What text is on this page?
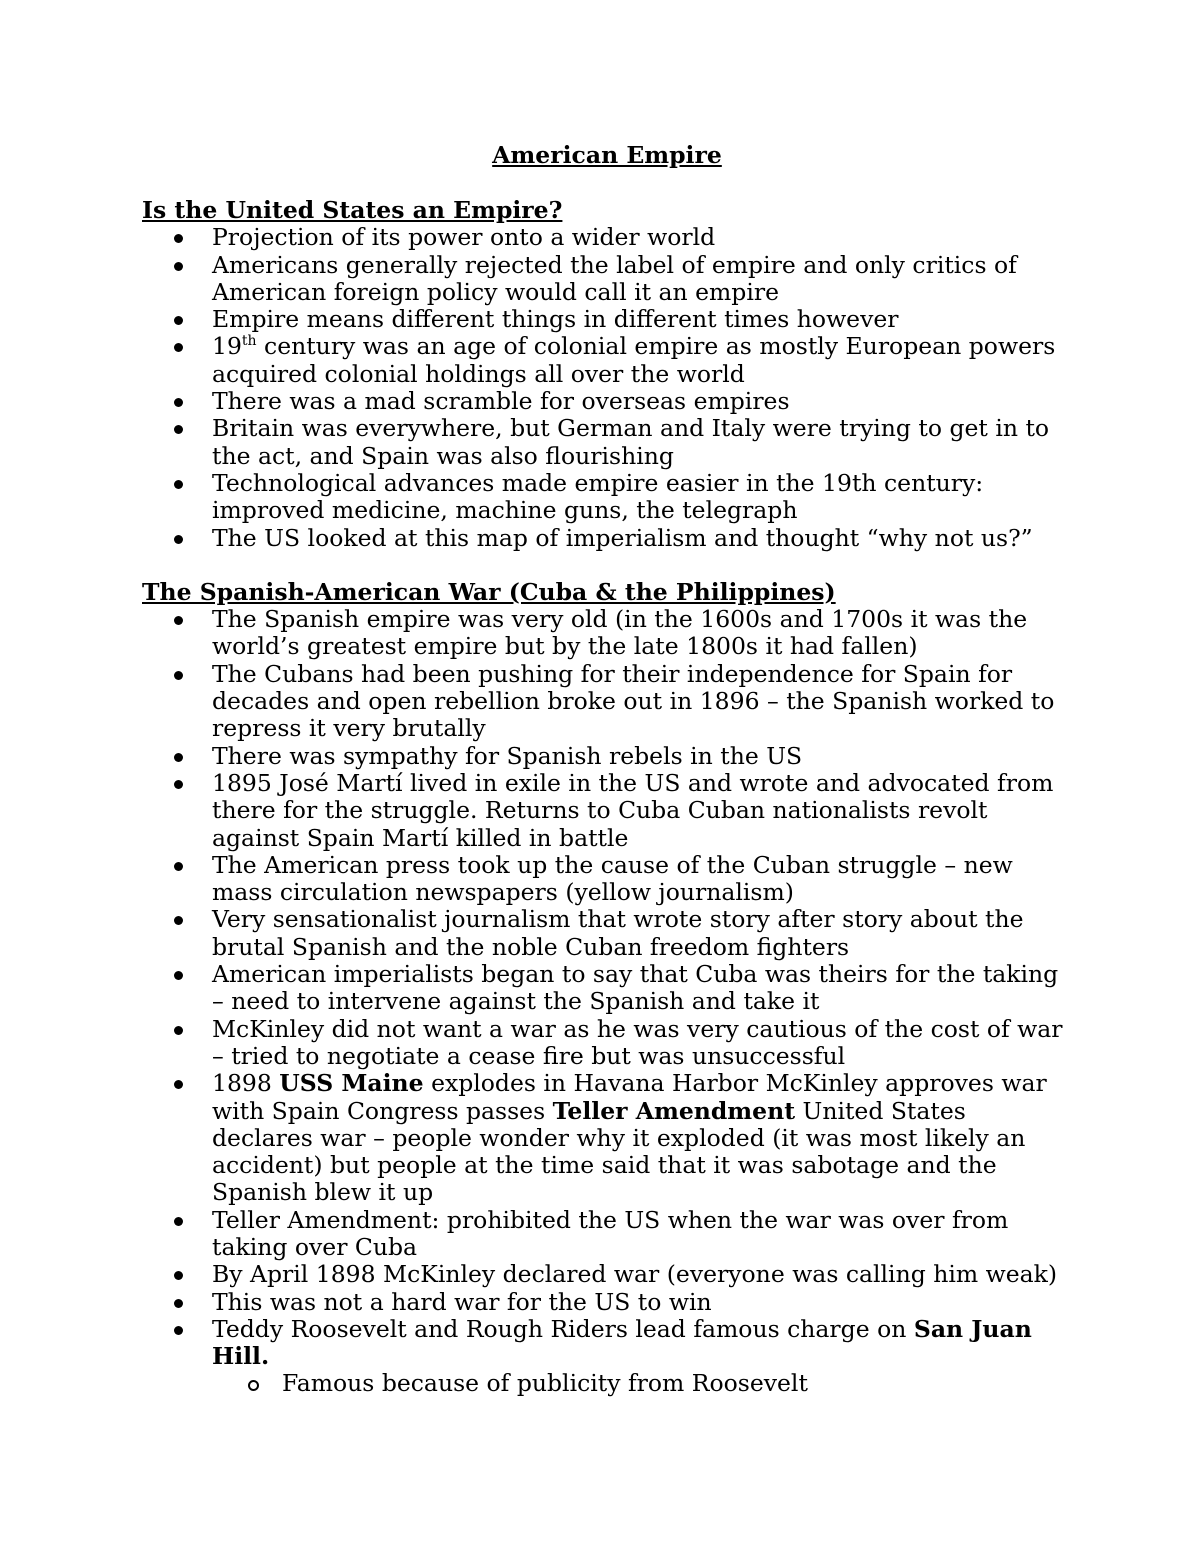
American Empire
Is the United States an Empire?
Projection of its power onto a wider world
Americans generally rejected the label of empire and only critics of American foreign policy would call it an empire
Empire means different things in different times however
19th century was an age of colonial empire as mostly European powers acquired colonial holdings all over the world
There was a mad scramble for overseas empires
Britain was everywhere, but German and Italy were trying to get in to the act, and Spain was also flourishing
Technological advances made empire easier in the 19th century: improved medicine, machine guns, the telegraph
The US looked at this map of imperialism and thought “why not us?”
The Spanish-American War (Cuba & the Philippines)
The Spanish empire was very old (in the 1600s and 1700s it was the world’s greatest empire but by the late 1800s it had fallen)
The Cubans had been pushing for their independence for Spain for decades and open rebellion broke out in 1896 – the Spanish worked to repress it very brutally
There was sympathy for Spanish rebels in the US
1895 José Martí lived in exile in the US and wrote and advocated from there for the struggle. Returns to Cuba Cuban nationalists revolt against Spain Martí killed in battle
The American press took up the cause of the Cuban struggle – new mass circulation newspapers (yellow journalism)
Very sensationalist journalism that wrote story after story about the brutal Spanish and the noble Cuban freedom fighters
American imperialists began to say that Cuba was theirs for the taking – need to intervene against the Spanish and take it
McKinley did not want a war as he was very cautious of the cost of war – tried to negotiate a cease fire but was unsuccessful
1898 USS Maine explodes in Havana Harbor McKinley approves war with Spain Congress passes Teller Amendment United States declares war – people wonder why it exploded (it was most likely an accident) but people at the time said that it was sabotage and the Spanish blew it up
Teller Amendment: prohibited the US when the war was over from taking over Cuba
By April 1898 McKinley declared war (everyone was calling him weak)
This was not a hard war for the US to win
Teddy Roosevelt and Rough Riders lead famous charge on San Juan Hill.
Famous because of publicity from Roosevelt
